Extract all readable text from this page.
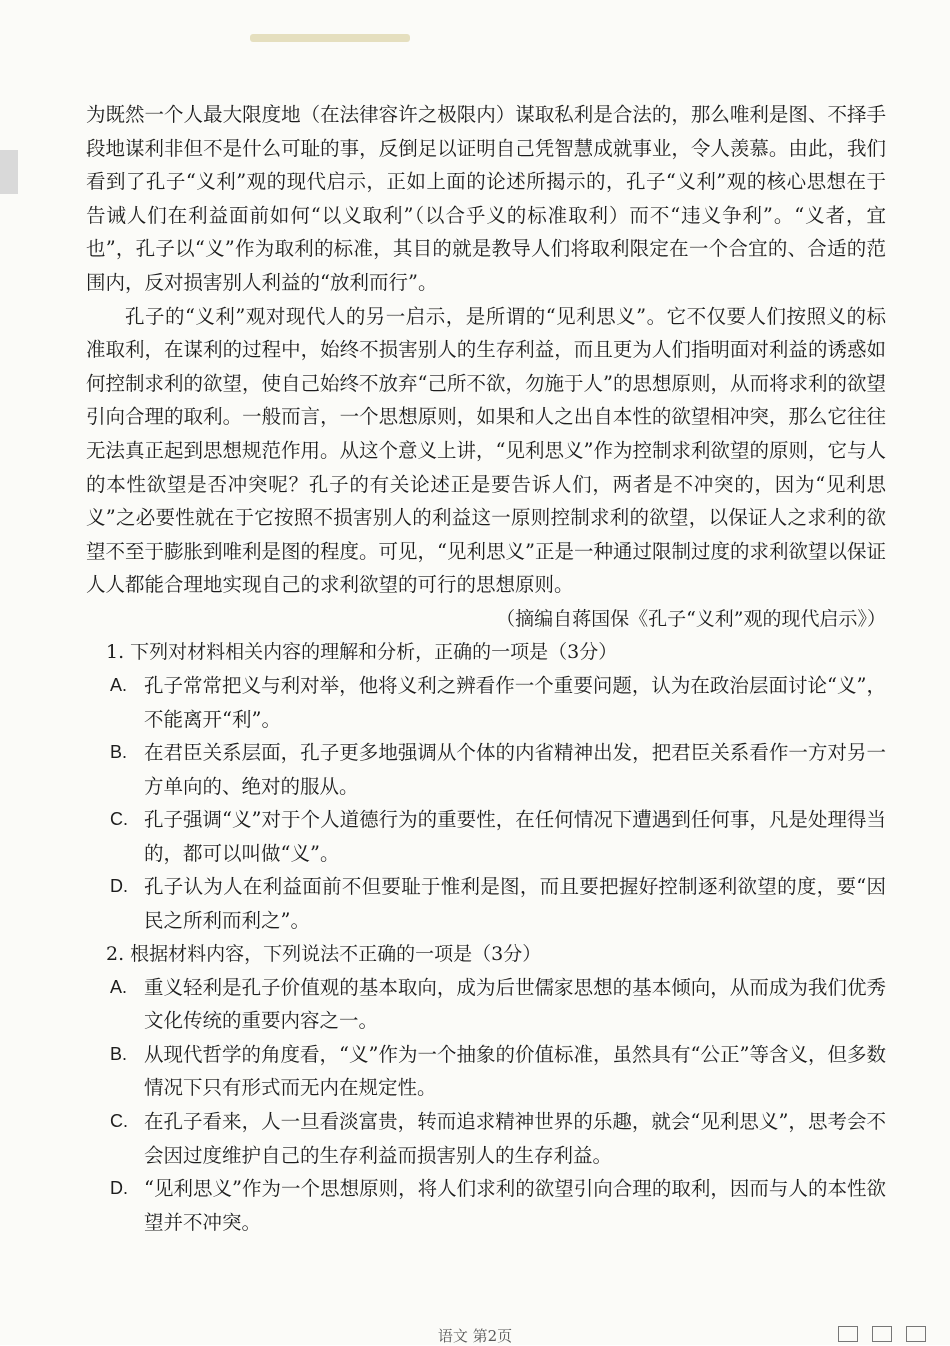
为既然一个人最大限度地（在法律容许之极限内）谋取私利是合法的，那么唯利是图、不择手段地谋利非但不是什么可耻的事，反倒足以证明自己凭智慧成就事业，令人羡慕。由此，我们看到了孔子“义利”观的现代启示，正如上面的论述所揭示的，孔子“义利”观的核心思想在于告诫人们在利益面前如何“以义取利”（以合乎义的标准取利）而不“违义争利”。“义者，宜也”，孔子以“义”作为取利的标准，其目的就是教导人们将取利限定在一个合宜的、合适的范围内，反对损害别人利益的“放利而行”。

孔子的“义利”观对现代人的另一启示，是所谓的“见利思义”。它不仅要人们按照义的标准取利，在谋利的过程中，始终不损害别人的生存利益，而且更为人们指明面对利益的诱惑如何控制求利的欲望，使自己始终不放弃“己所不欲，勿施于人”的思想原则，从而将求利的欲望引向合理的取利。一般而言，一个思想原则，如果和人之出自本性的欲望相冲突，那么它往往无法真正起到思想规范作用。从这个意义上讲，“见利思义”作为控制求利欲望的原则，它与人的本性欲望是否冲突呢？孔子的有关论述正是要告诉人们，两者是不冲突的，因为“见利思义”之必要性就在于它按照不损害别人的利益这一原则控制求利的欲望，以保证人之求利的欲望不至于膨胀到唯利是图的程度。可见，“见利思义”正是一种通过限制过度的求利欲望以保证人人都能合理地实现自己的求利欲望的可行的思想原则。

（摘编自蒋国保《孔子“义利”观的现代启示》）

1. 下列对材料相关内容的理解和分析，正确的一项是（3分）

A. 孔子常常把义与利对举，他将义利之辨看作一个重要问题，认为在政治层面讨论“义”，不能离开“利”。
B. 在君臣关系层面，孔子更多地强调从个体的内省精神出发，把君臣关系看作一方对另一方单向的、绝对的服从。
C. 孔子强调“义”对于个人道德行为的重要性，在任何情况下遭遇到任何事，凡是处理得当的，都可以叫做“义”。
D. 孔子认为人在利益面前不但要耻于惟利是图，而且要把握好控制逐利欲望的度，要“因民之所利而利之”。

2. 根据材料内容，下列说法不正确的一项是（3分）

A. 重义轻利是孔子价值观的基本取向，成为后世儒家思想的基本倾向，从而成为我们优秀文化传统的重要内容之一。
B. 从现代哲学的角度看，“义”作为一个抽象的价值标准，虽然具有“公正”等含义，但多数情况下只有形式而无内在规定性。
C. 在孔子看来，人一旦看淡富贵，转而追求精神世界的乐趣，就会“见利思义”，思考会不会因过度维护自己的生存利益而损害别人的生存利益。
D. “见利思义”作为一个思想原则，将人们求利的欲望引向合理的取利，因而与人的本性欲望并不冲突。
语文 第2页
